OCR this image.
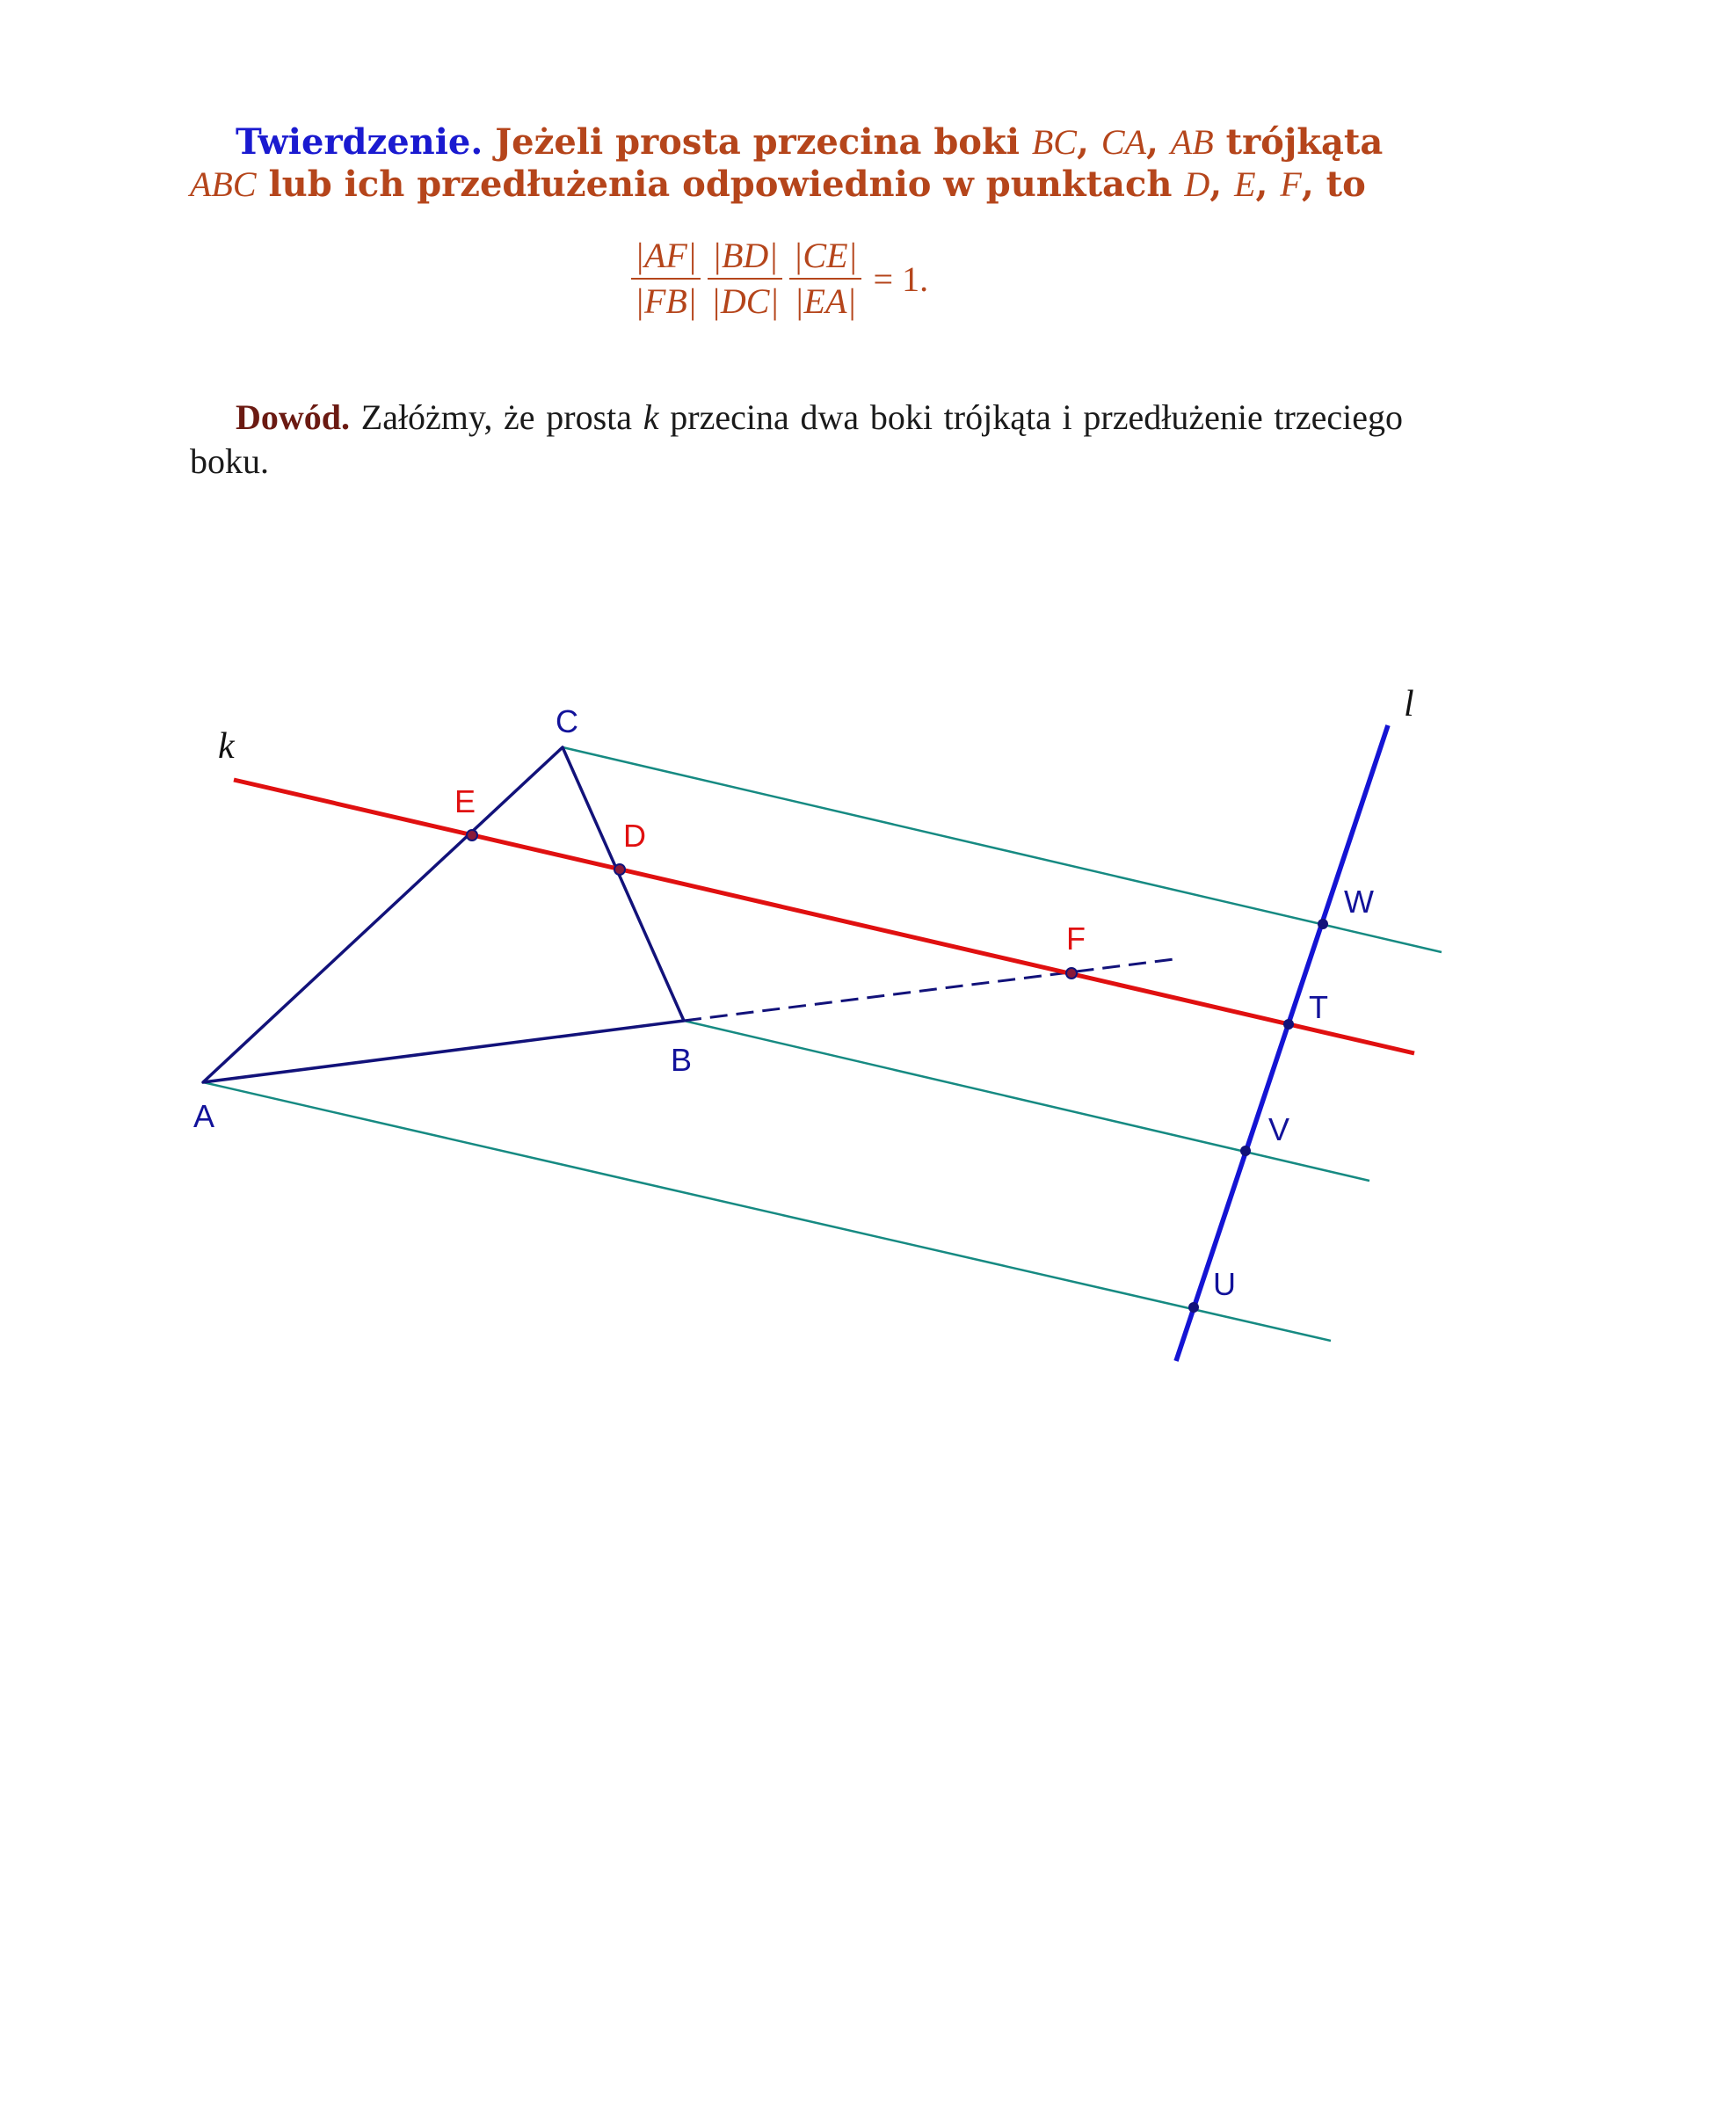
Twierdzenie. Jeżeli prosta przecina boki BC, CA, AB trójkąta ABC lub ich przedłużenia odpowiednio w punktach D, E, F, to
$\frac{|AF|}{|FB|} \frac{|BD|}{|DC|} \frac{|CE|}{|EA|} = 1$.
Dowód. Załóżmy, że prosta k przecina dwa boki trójkąta i przedłużenie trzeciego boku.
k
l
A
B
C
D
E
F
T
W
V
U
